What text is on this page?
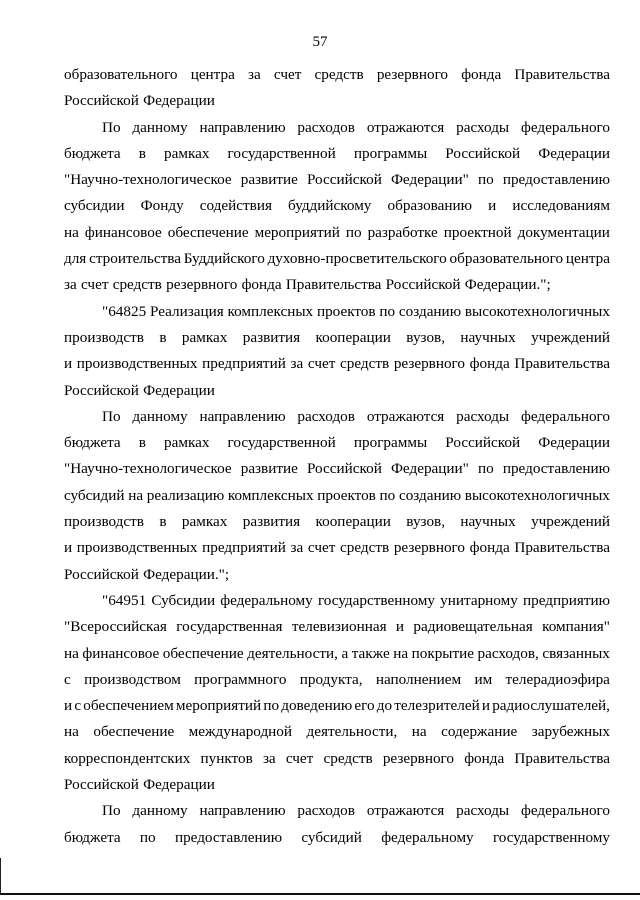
57
образовательного центра за счет средств резервного фонда Правительства
Российской Федерации
По данному направлению расходов отражаются расходы федерального
бюджета в рамках государственной программы Российской Федерации
"Научно-технологическое развитие Российской Федерации" по предоставлению
субсидии Фонду содействия буддийскому образованию и исследованиям
на финансовое обеспечение мероприятий по разработке проектной документации
для строительства Буддийского духовно-просветительского образовательного центра
за счет средств резервного фонда Правительства Российской Федерации.";
"64825 Реализация комплексных проектов по созданию высокотехнологичных
производств в рамках развития кооперации вузов, научных учреждений
и производственных предприятий за счет средств резервного фонда Правительства
Российской Федерации
По данному направлению расходов отражаются расходы федерального
бюджета в рамках государственной программы Российской Федерации
"Научно-технологическое развитие Российской Федерации" по предоставлению
субсидий на реализацию комплексных проектов по созданию высокотехнологичных
производств в рамках развития кооперации вузов, научных учреждений
и производственных предприятий за счет средств резервного фонда Правительства
Российской Федерации.";
"64951 Субсидии федеральному государственному унитарному предприятию
"Всероссийская государственная телевизионная и радиовещательная компания"
на финансовое обеспечение деятельности, а также на покрытие расходов, связанных
с производством программного продукта, наполнением им телерадиоэфира
и с обеспечением мероприятий по доведению его до телезрителей и радиослушателей,
на обеспечение международной деятельности, на содержание зарубежных
корреспондентских пунктов за счет средств резервного фонда Правительства
Российской Федерации
По данному направлению расходов отражаются расходы федерального
бюджета по предоставлению субсидий федеральному государственному
